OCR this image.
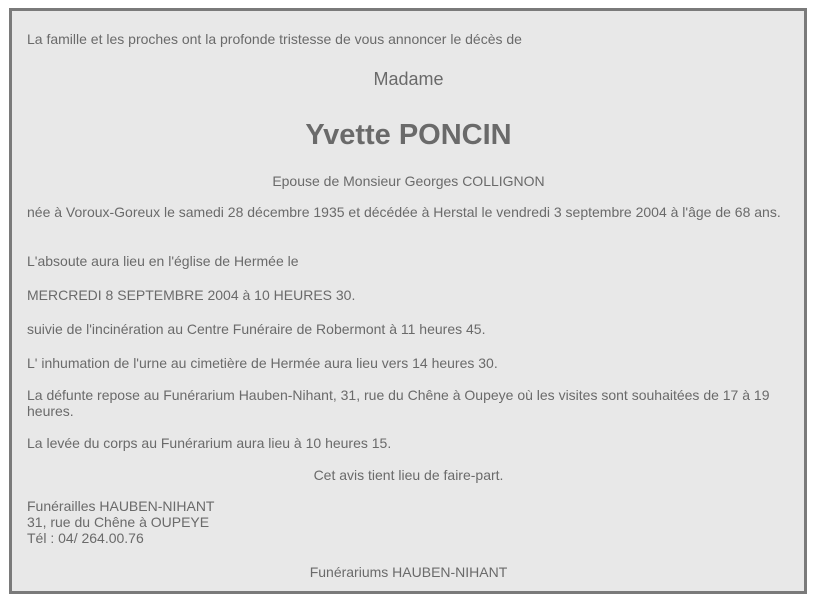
La famille et les proches ont la profonde tristesse de vous annoncer le décès de

Madame

Yvette PONCIN

Epouse de Monsieur Georges COLLIGNON

née à Voroux-Goreux le samedi 28 décembre 1935 et décédée à Herstal le vendredi 3 septembre 2004 à l'âge de 68 ans.

L'absoute aura lieu en l'église de Hermée le

MERCREDI 8 SEPTEMBRE 2004 à 10 HEURES 30.

suivie de l'incinération au Centre Funéraire de Robermont à 11 heures 45.

L' inhumation de l'urne au cimetière de Hermée aura lieu vers 14 heures 30.

La défunte repose au Funérarium Hauben-Nihant, 31, rue du Chêne à Oupeye où les visites sont souhaitées de 17 à 19 heures.

La levée du corps au Funérarium aura lieu à 10 heures 15.

Cet avis tient lieu de faire-part.

Funérailles HAUBEN-NIHANT
31, rue du Chêne à OUPEYE
Tél : 04/ 264.00.76

Funérariums HAUBEN-NIHANT
